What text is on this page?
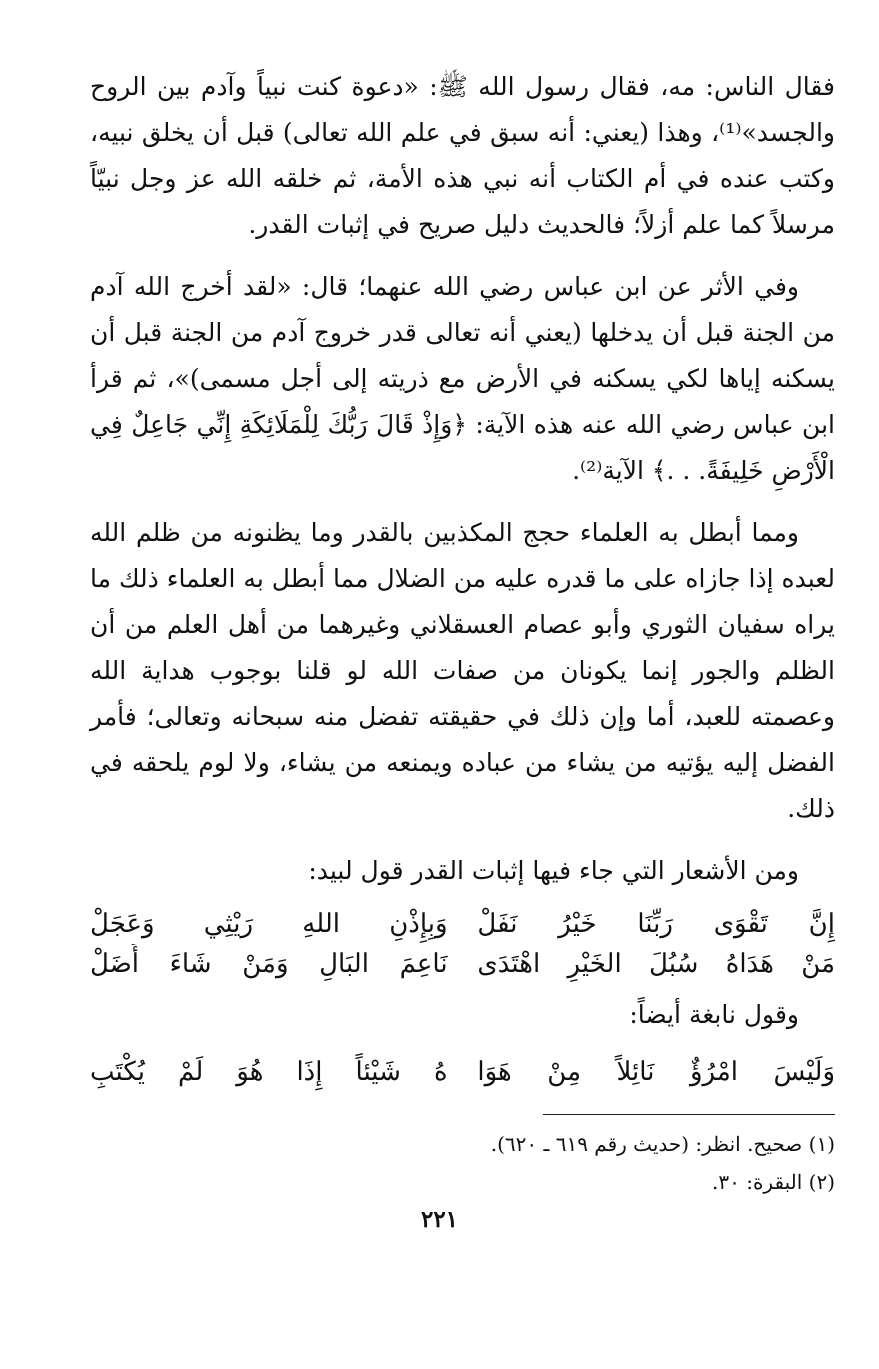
فقال الناس: مه، فقال رسول الله ﷺ: «دعوة كنت نبياً وآدم بين الروح والجسد»⁽¹⁾، وهذا (يعني: أنه سبق في علم الله تعالى) قبل أن يخلق نبيه، وكتب عنده في أم الكتاب أنه نبي هذه الأمة، ثم خلقه الله عز وجل نبيّاً مرسلاً كما علم أزلاً؛ فالحديث دليل صريح في إثبات القدر.

وفي الأثر عن ابن عباس رضي الله عنهما؛ قال: «لقد أخرج الله آدم من الجنة قبل أن يدخلها (يعني أنه تعالى قدر خروج آدم من الجنة قبل أن يسكنه إياها لكي يسكنه في الأرض مع ذريته إلى أجل مسمى)»، ثم قرأ ابن عباس رضي الله عنه هذه الآية: ﴿وَإِذْ قَالَ رَبُّكَ لِلْمَلَائِكَةِ إِنِّي جَاعِلٌ فِي الْأَرْضِ خَلِيفَةً. . .﴾ الآية⁽²⁾.

ومما أبطل به العلماء حجج المكذبين بالقدر وما يظنونه من ظلم الله لعبده إذا جازاه على ما قدره عليه من الضلال مما أبطل به العلماء ذلك ما يراه سفيان الثوري وأبو عصام العسقلاني وغيرهما من أهل العلم من أن الظلم والجور إنما يكونان من صفات الله لو قلنا بوجوب هداية الله وعصمته للعبد، أما وإن ذلك في حقيقته تفضل منه سبحانه وتعالى؛ فأمر الفضل إليه يؤتيه من يشاء من عباده ويمنعه من يشاء، ولا لوم يلحقه في ذلك.

ومن الأشعار التي جاء فيها إثبات القدر قول لبيد:

إِنَّ تَقْوَى رَبِّنَا خَيْرُ نَفَلْ
وَبِإِذْنِ اللهِ رَيْثِي وَعَجَلْ
مَنْ هَدَاهُ سُبُلَ الخَيْرِ اهْتَدَى
نَاعِمَ البَالِ وَمَنْ شَاءَ أَضَلْ

وقول نابغة أيضاً:

وَلَيْسَ امْرُؤٌ نَائِلاً مِنْ هَوَا
هُ شَيْئاً إِذَا هُوَ لَمْ يُكْتَبِ

(١) صحيح. انظر: (حديث رقم ٦١٩ ـ ٦٢٠).

(٢) البقرة: ٣٠.

٢٢١
